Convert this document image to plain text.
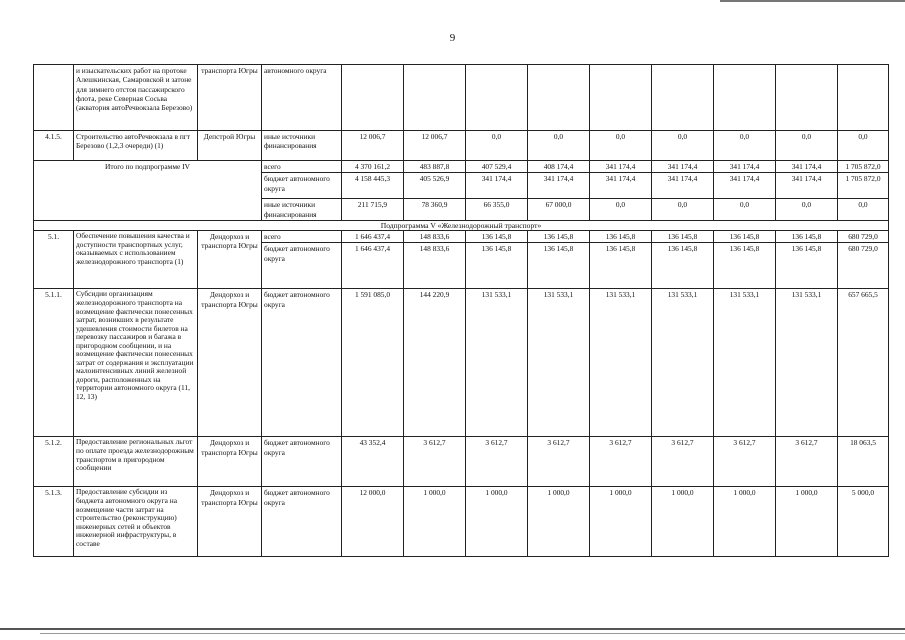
9
	и изыскательских работ на протоке Алешкинская, Самаровской и затоне для зимнего отстоя пассажирского флота, реке Северная Сосьва (акватория автоРечвокзала Березово)	транспорта Югры	автономного округа									
4.1.5.	Строительство автоРечвокзала в пгт Березово (1,2,3 очереди) (1)	Депстрой Югры	иные источники финансирования	12 006,7	12 006,7	0,0	0,0	0,0	0,0	0,0	0,0	0,0
Итого по подпрограмме IV			всего	4 370 161,2	483 887,8	407 529,4	408 174,4	341 174,4	341 174,4	341 174,4	341 174,4	1 705 872,0
			бюджет автономного округа	4 158 445,3	405 526,9	341 174,4	341 174,4	341 174,4	341 174,4	341 174,4	341 174,4	1 705 872,0
			иные источники финансирования	211 715,9	78 360,9	66 355,0	67 000,0	0,0	0,0	0,0	0,0	0,0
Подпрограмма V «Железнодорожный транспорт»												
5.1.	Обеспечение повышения качества и доступности транспортных услуг, оказываемых с использованием железнодорожного транспорта (1)	Дендорхоз и транспорта Югры	всего	1 646 437,4	148 833,6	136 145,8	136 145,8	136 145,8	136 145,8	136 145,8	136 145,8	680 729,0
			бюджет автономного округа	1 646 437,4	148 833,6	136 145,8	136 145,8	136 145,8	136 145,8	136 145,8	136 145,8	680 729,0
5.1.1.	Субсидии организациям железнодорожного транспорта на возмещение фактически понесенных затрат, возникших в результате удешевления стоимости билетов на перевозку пассажиров и багажа в пригородном сообщении, и на возмещение фактически понесенных затрат от содержания и эксплуатации малоинтенсивных линий железной дороги, расположенных на территории автономного округа (11, 12, 13)	Дендорхоз и транспорта Югры	бюджет автономного округа	1 591 085,0	144 220,9	131 533,1	131 533,1	131 533,1	131 533,1	131 533,1	131 533,1	657 665,5
5.1.2.	Предоставление региональных льгот по оплате проезда железнодорожным транспортом в пригородном сообщении	Дендорхоз и транспорта Югры	бюджет автономного округа	43 352,4	3 612,7	3 612,7	3 612,7	3 612,7	3 612,7	3 612,7	3 612,7	18 063,5
5.1.3.	Предоставление субсидии из бюджета автономного округа на возмещение части затрат на строительство (реконструкцию) инженерных сетей и объектов инженерной инфраструктуры, в составе	Дендорхоз и транспорта Югры	бюджет автономного округа	12 000,0	1 000,0	1 000,0	1 000,0	1 000,0	1 000,0	1 000,0	1 000,0	5 000,0
